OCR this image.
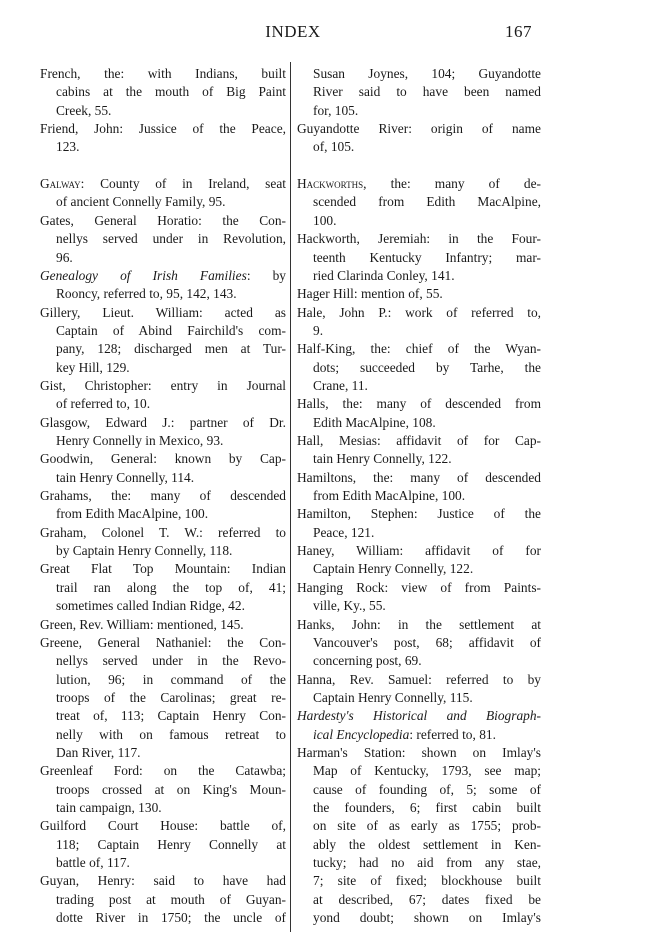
INDEX	167
French, the: with Indians, built
cabins at the mouth of Big Paint
Creek, 55.
Friend, John: Jussice of the Peace,
123.
Galway: County of in Ireland, seat
of ancient Connelly Family, 95.
Gates, General Horatio: the Con-
nellys served under in Revolution,
96.
Genealogy of Irish Families: by
Rooncy, referred to, 95, 142, 143.
Gillery, Lieut. William: acted as
Captain of Abind Fairchild's com-
pany, 128; discharged men at Tur-
key Hill, 129.
Gist, Christopher: entry in Journal
of referred to, 10.
Glasgow, Edward J.: partner of Dr.
Henry Connelly in Mexico, 93.
Goodwin, General: known by Cap-
tain Henry Connelly, 114.
Grahams, the: many of descended
from Edith MacAlpine, 100.
Graham, Colonel T. W.: referred to
by Captain Henry Connelly, 118.
Great Flat Top Mountain: Indian
trail ran along the top of, 41;
sometimes called Indian Ridge, 42.
Green, Rev. William: mentioned, 145.
Greene, General Nathaniel: the Con-
nellys served under in the Revo-
lution, 96; in command of the
troops of the Carolinas; great re-
treat of, 113; Captain Henry Con-
nelly with on famous retreat to
Dan River, 117.
Greenleaf Ford: on the Catawba;
troops crossed at on King's Moun-
tain campaign, 130.
Guilford Court House: battle of,
118; Captain Henry Connelly at
battle of, 117.
Guyan, Henry: said to have had
trading post at mouth of Guyan-
dotte River in 1750; the uncle of
Susan Joynes, 104; Guyandotte
River said to have been named
for, 105.
Guyandotte River: origin of name
of, 105.
Hackworths, the: many of de-
scended from Edith MacAlpine,
100.
Hackworth, Jeremiah: in the Four-
teenth Kentucky Infantry; mar-
ried Clarinda Conley, 141.
Hager Hill: mention of, 55.
Hale, John P.: work of referred to,
9.
Half-King, the: chief of the Wyan-
dots; succeeded by Tarhe, the
Crane, 11.
Halls, the: many of descended from
Edith MacAlpine, 108.
Hall, Mesias: affidavit of for Cap-
tain Henry Connelly, 122.
Hamiltons, the: many of descended
from Edith MacAlpine, 100.
Hamilton, Stephen: Justice of the
Peace, 121.
Haney, William: affidavit of for
Captain Henry Connelly, 122.
Hanging Rock: view of from Paints-
ville, Ky., 55.
Hanks, John: in the settlement at
Vancouver's post, 68; affidavit of
concerning post, 69.
Hanna, Rev. Samuel: referred to by
Captain Henry Connelly, 115.
Hardesty's Historical and Biograph-
ical Encyclopedia: referred to, 81.
Harman's Station: shown on Imlay's
Map of Kentucky, 1793, see map;
cause of founding of, 5; some of
the founders, 6; first cabin built
on site of as early as 1755; prob-
ably the oldest settlement in Ken-
tucky; had no aid from any stae,
7; site of fixed; blockhouse built
at described, 67; dates fixed be
yond doubt; shown on Imlay's
